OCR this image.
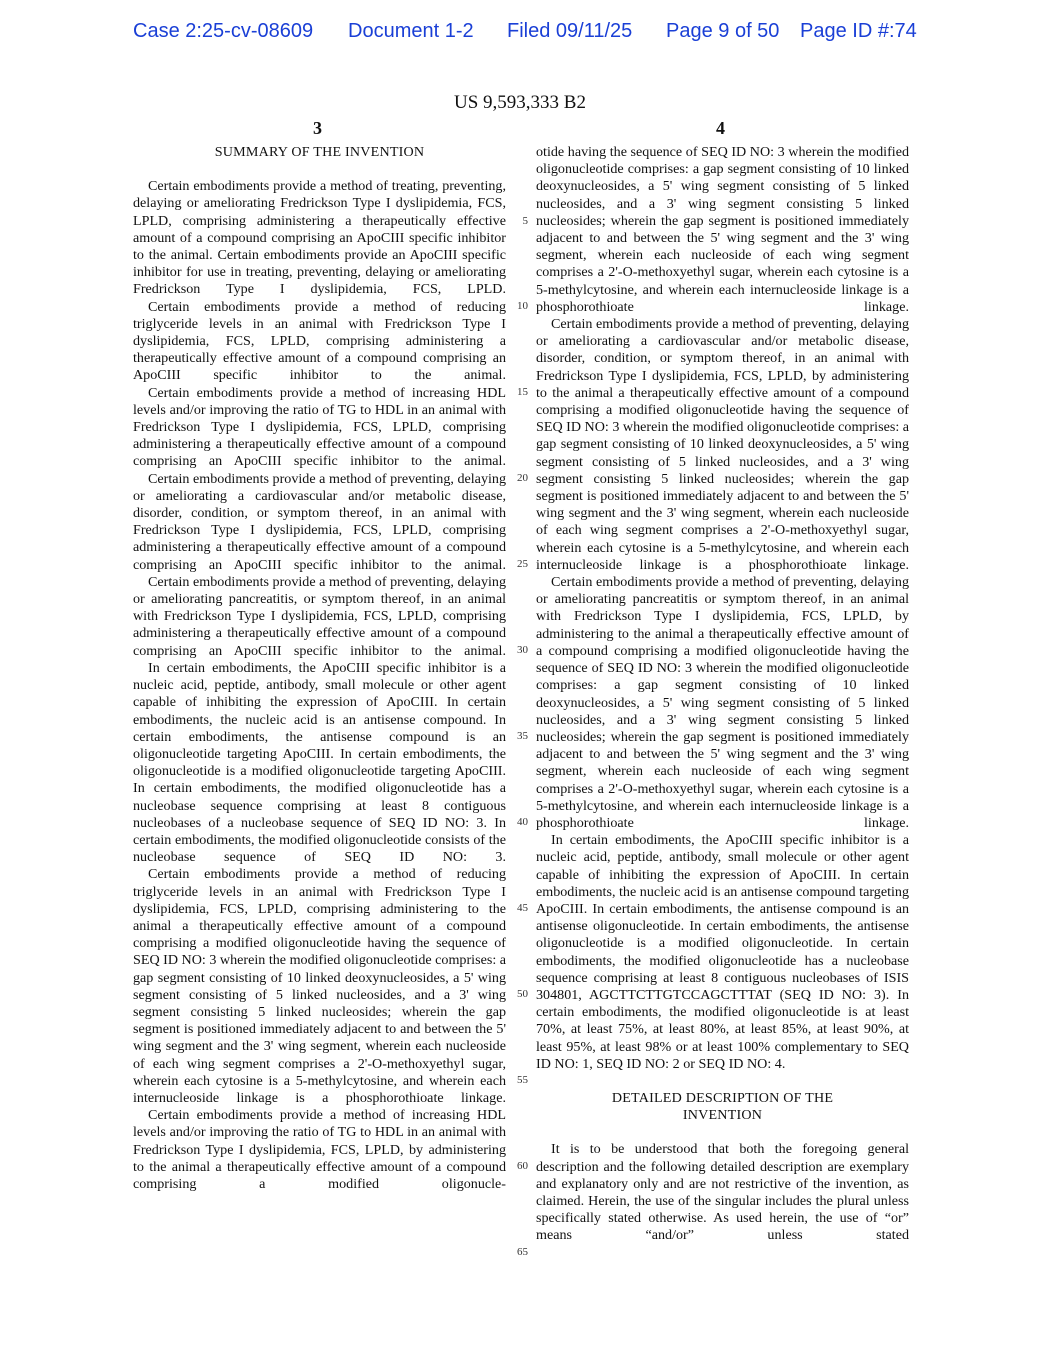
Case 2:25-cv-08609 Document 1-2 Filed 09/11/25 Page 9 of 50 Page ID #:74
US 9,593,333 B2
3	4
SUMMARY OF THE INVENTION

Certain embodiments provide a method of treating, preventing, delaying or ameliorating Fredrickson Type I dyslipidemia, FCS, LPLD, comprising administering a therapeutically effective amount of a compound comprising an ApoCIII specific inhibitor to the animal. Certain embodiments provide an ApoCIII specific inhibitor for use in treating, preventing, delaying or ameliorating Fredrickson Type I dyslipidemia, FCS, LPLD.

Certain embodiments provide a method of reducing triglyceride levels in an animal with Fredrickson Type I dyslipidemia, FCS, LPLD, comprising administering a therapeutically effective amount of a compound comprising an ApoCIII specific inhibitor to the animal.

Certain embodiments provide a method of increasing HDL levels and/or improving the ratio of TG to HDL in an animal with Fredrickson Type I dyslipidemia, FCS, LPLD, comprising administering a therapeutically effective amount of a compound comprising an ApoCIII specific inhibitor to the animal.

Certain embodiments provide a method of preventing, delaying or ameliorating a cardiovascular and/or metabolic disease, disorder, condition, or symptom thereof, in an animal with Fredrickson Type I dyslipidemia, FCS, LPLD, comprising administering a therapeutically effective amount of a compound comprising an ApoCIII specific inhibitor to the animal.

Certain embodiments provide a method of preventing, delaying or ameliorating pancreatitis, or symptom thereof, in an animal with Fredrickson Type I dyslipidemia, FCS, LPLD, comprising administering a therapeutically effective amount of a compound comprising an ApoCIII specific inhibitor to the animal.

In certain embodiments, the ApoCIII specific inhibitor is a nucleic acid, peptide, antibody, small molecule or other agent capable of inhibiting the expression of ApoCIII. In certain embodiments, the nucleic acid is an antisense compound. In certain embodiments, the antisense compound is an oligonucleotide targeting ApoCIII. In certain embodiments, the oligonucleotide is a modified oligonucleotide targeting ApoCIII. In certain embodiments, the modified oligonucleotide has a nucleobase sequence comprising at least 8 contiguous nucleobases of a nucleobase sequence of SEQ ID NO: 3. In certain embodiments, the modified oligonucleotide consists of the nucleobase sequence of SEQ ID NO: 3.

Certain embodiments provide a method of reducing triglyceride levels in an animal with Fredrickson Type I dyslipidemia, FCS, LPLD, comprising administering to the animal a therapeutically effective amount of a compound comprising a modified oligonucleotide having the sequence of SEQ ID NO: 3 wherein the modified oligonucleotide comprises: a gap segment consisting of 10 linked deoxynucleosides, a 5' wing segment consisting of 5 linked nucleosides, and a 3' wing segment consisting 5 linked nucleosides; wherein the gap segment is positioned immediately adjacent to and between the 5' wing segment and the 3' wing segment, wherein each nucleoside of each wing segment comprises a 2'-O-methoxyethyl sugar, wherein each cytosine is a 5-methylcytosine, and wherein each internucleoside linkage is a phosphorothioate linkage.

Certain embodiments provide a method of increasing HDL levels and/or improving the ratio of TG to HDL in an animal with Fredrickson Type I dyslipidemia, FCS, LPLD, by administering to the animal a therapeutically effective amount of a compound comprising a modified oligonucle-

5
10
15
20
25
30
35
40
45
50
55
60
65

otide having the sequence of SEQ ID NO: 3 wherein the modified oligonucleotide comprises: a gap segment consisting of 10 linked deoxynucleosides, a 5' wing segment consisting of 5 linked nucleosides, and a 3' wing segment consisting 5 linked nucleosides; wherein the gap segment is positioned immediately adjacent to and between the 5' wing segment and the 3' wing segment, wherein each nucleoside of each wing segment comprises a 2'-O-methoxyethyl sugar, wherein each cytosine is a 5-methylcytosine, and wherein each internucleoside linkage is a phosphorothioate linkage.

Certain embodiments provide a method of preventing, delaying or ameliorating a cardiovascular and/or metabolic disease, disorder, condition, or symptom thereof, in an animal with Fredrickson Type I dyslipidemia, FCS, LPLD, by administering to the animal a therapeutically effective amount of a compound comprising a modified oligonucleotide having the sequence of SEQ ID NO: 3 wherein the modified oligonucleotide comprises: a gap segment consisting of 10 linked deoxynucleosides, a 5' wing segment consisting of 5 linked nucleosides, and a 3' wing segment consisting 5 linked nucleosides; wherein the gap segment is positioned immediately adjacent to and between the 5' wing segment and the 3' wing segment, wherein each nucleoside of each wing segment comprises a 2'-O-methoxyethyl sugar, wherein each cytosine is a 5-methylcytosine, and wherein each internucleoside linkage is a phosphorothioate linkage.

Certain embodiments provide a method of preventing, delaying or ameliorating pancreatitis or symptom thereof, in an animal with Fredrickson Type I dyslipidemia, FCS, LPLD, by administering to the animal a therapeutically effective amount of a compound comprising a modified oligonucleotide having the sequence of SEQ ID NO: 3 wherein the modified oligonucleotide comprises: a gap segment consisting of 10 linked deoxynucleosides, a 5' wing segment consisting of 5 linked nucleosides, and a 3' wing segment consisting 5 linked nucleosides; wherein the gap segment is positioned immediately adjacent to and between the 5' wing segment and the 3' wing segment, wherein each nucleoside of each wing segment comprises a 2'-O-methoxyethyl sugar, wherein each cytosine is a 5-methylcytosine, and wherein each internucleoside linkage is a phosphorothioate linkage.

In certain embodiments, the ApoCIII specific inhibitor is a nucleic acid, peptide, antibody, small molecule or other agent capable of inhibiting the expression of ApoCIII. In certain embodiments, the nucleic acid is an antisense compound targeting ApoCIII. In certain embodiments, the antisense compound is an antisense oligonucleotide. In certain embodiments, the antisense oligonucleotide is a modified oligonucleotide. In certain embodiments, the modified oligonucleotide has a nucleobase sequence comprising at least 8 contiguous nucleobases of ISIS 304801, AGCTTCTTGTCCAGCTTTAT (SEQ ID NO: 3). In certain embodiments, the modified oligonucleotide is at least 70%, at least 75%, at least 80%, at least 85%, at least 90%, at least 95%, at least 98% or at least 100% complementary to SEQ ID NO: 1, SEQ ID NO: 2 or SEQ ID NO: 4.

DETAILED DESCRIPTION OF THE
INVENTION

It is to be understood that both the foregoing general description and the following detailed description are exemplary and explanatory only and are not restrictive of the invention, as claimed. Herein, the use of the singular includes the plural unless specifically stated otherwise. As used herein, the use of “or” means “and/or” unless stated
